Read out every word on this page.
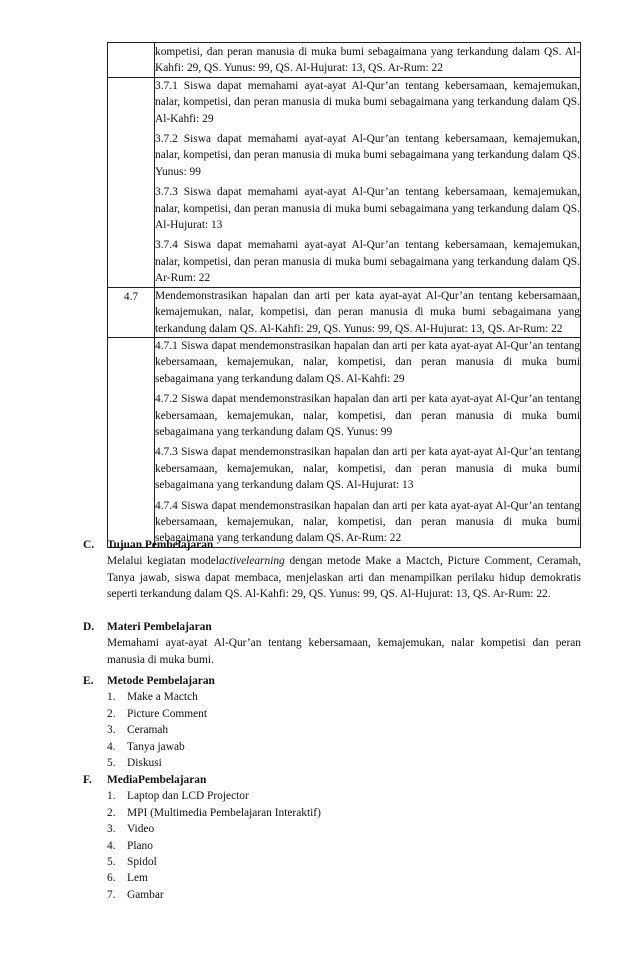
	kompetisi, dan peran manusia di muka bumi sebagaimana yang terkandung dalam QS. Al-Kahfi: 29, QS. Yunus: 99, QS. Al-Hujurat: 13, QS. Ar-Rum: 22

	3.7.1 Siswa dapat memahami ayat-ayat Al-Qur’an tentang kebersamaan, kemajemukan, nalar, kompetisi, dan peran manusia di muka bumi sebagaimana yang terkandung dalam QS. Al-Kahfi: 29

3.7.2 Siswa dapat memahami ayat-ayat Al-Qur’an tentang kebersamaan, kemajemukan, nalar, kompetisi, dan peran manusia di muka bumi sebagaimana yang terkandung dalam QS. Yunus: 99

3.7.3 Siswa dapat memahami ayat-ayat Al-Qur’an tentang kebersamaan, kemajemukan, nalar, kompetisi, dan peran manusia di muka bumi sebagaimana yang terkandung dalam QS. Al-Hujurat: 13

3.7.4 Siswa dapat memahami ayat-ayat Al-Qur’an tentang kebersamaan, kemajemukan, nalar, kompetisi, dan peran manusia di muka bumi sebagaimana yang terkandung dalam QS. Ar-Rum: 22

4.7	Mendemonstrasikan hapalan dan arti per kata ayat-ayat Al-Qur’an tentang kebersamaan, kemajemukan, nalar, kompetisi, dan peran manusia di muka bumi sebagaimana yang terkandung dalam QS. Al-Kahfi: 29, QS. Yunus: 99, QS. Al-Hujurat: 13, QS. Ar-Rum: 22

	4.7.1 Siswa dapat mendemonstrasikan hapalan dan arti per kata ayat-ayat Al-Qur’an tentang kebersamaan, kemajemukan, nalar, kompetisi, dan peran manusia di muka bumi sebagaimana yang terkandung dalam QS. Al-Kahfi: 29

4.7.2 Siswa dapat mendemonstrasikan hapalan dan arti per kata ayat-ayat Al-Qur’an tentang kebersamaan, kemajemukan, nalar, kompetisi, dan peran manusia di muka bumi sebagaimana yang terkandung dalam QS. Yunus: 99

4.7.3 Siswa dapat mendemonstrasikan hapalan dan arti per kata ayat-ayat Al-Qur’an tentang kebersamaan, kemajemukan, nalar, kompetisi, dan peran manusia di muka bumi sebagaimana yang terkandung dalam QS. Al-Hujurat: 13

4.7.4 Siswa dapat mendemonstrasikan hapalan dan arti per kata ayat-ayat Al-Qur’an tentang kebersamaan, kemajemukan, nalar, kompetisi, dan peran manusia di muka bumi sebagaimana yang terkandung dalam QS. Ar-Rum: 22

C.	Tujuan Pembelajaran
Melalui kegiatan modelactivelearning dengan metode Make a Mactch, Picture Comment, Ceramah, Tanya jawab, siswa dapat membaca, menjelaskan arti dan menampilkan perilaku hidup demokratis seperti terkandung dalam QS. Al-Kahfi: 29, QS. Yunus: 99, QS. Al-Hujurat: 13, QS. Ar-Rum: 22.
D.	Materi Pembelajaran
Memahami ayat-ayat Al-Qur’an tentang kebersamaan, kemajemukan, nalar kompetisi dan peran manusia di muka bumi.
E.	Metode Pembelajaran
1.	Make a Mactch
2.	Picture Comment
3.	Ceramah
4.	Tanya jawab
5.	Diskusi
F.	MediaPembelajaran
1.	Laptop dan LCD Projector
2.	MPI (Multimedia Pembelajaran Interaktif)
3.	Video
4.	Plano
5.	Spidol
6.	Lem
7.	Gambar
